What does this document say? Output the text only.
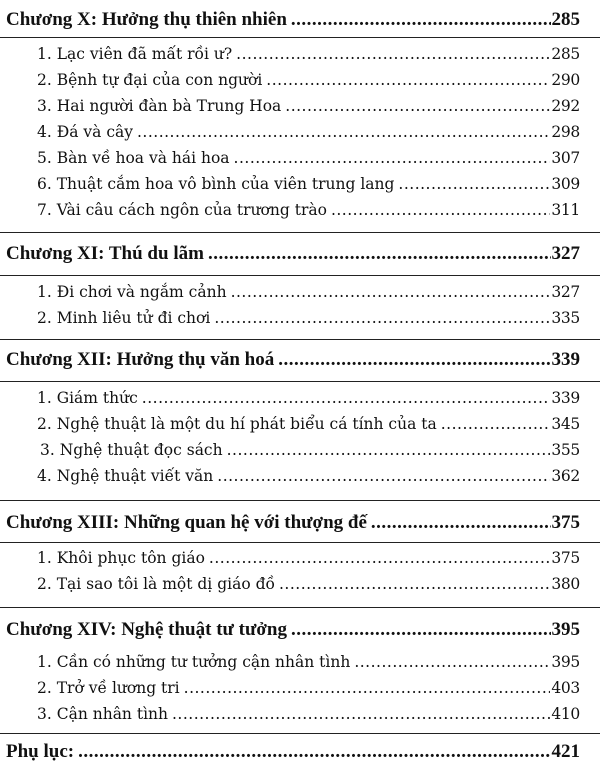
Chương X: Hưởng thụ thiên nhiên .....	285
1. Lạc viên đã mất rồi ư? .....	285
2. Bệnh tự đại của con người .....	290
3. Hai người đàn bà Trung Hoa .....	292
4. Đá và cây .....	298
5. Bàn về hoa và hái hoa .....	307
6. Thuật cắm hoa vô bình của viên trung lang .....	309
7. Vài câu cách ngôn của trương trào .....	311
Chương XI: Thú du lãm .....	327
1. Đi chơi và ngắm cảnh .....	327
2. Minh liêu tử đi chơi .....	335
Chương XII: Hưởng thụ văn hoá .....	339
1. Giám thức .....	339
2. Nghệ thuật là một du hí phát biểu cá tính của ta .....	345
3. Nghệ thuật đọc sách .....	355
4. Nghệ thuật viết văn .....	362
Chương XIII: Những quan hệ với thượng đế .....	375
1. Khôi phục tôn giáo .....	375
2. Tại sao tôi là một dị giáo đồ .....	380
Chương XIV: Nghệ thuật tư tưởng .....	395
1. Cần có những tư tưởng cận nhân tình .....	395
2. Trở về lương tri .....	403
3. Cận nhân tình .....	410
Phụ lục: .....	421
